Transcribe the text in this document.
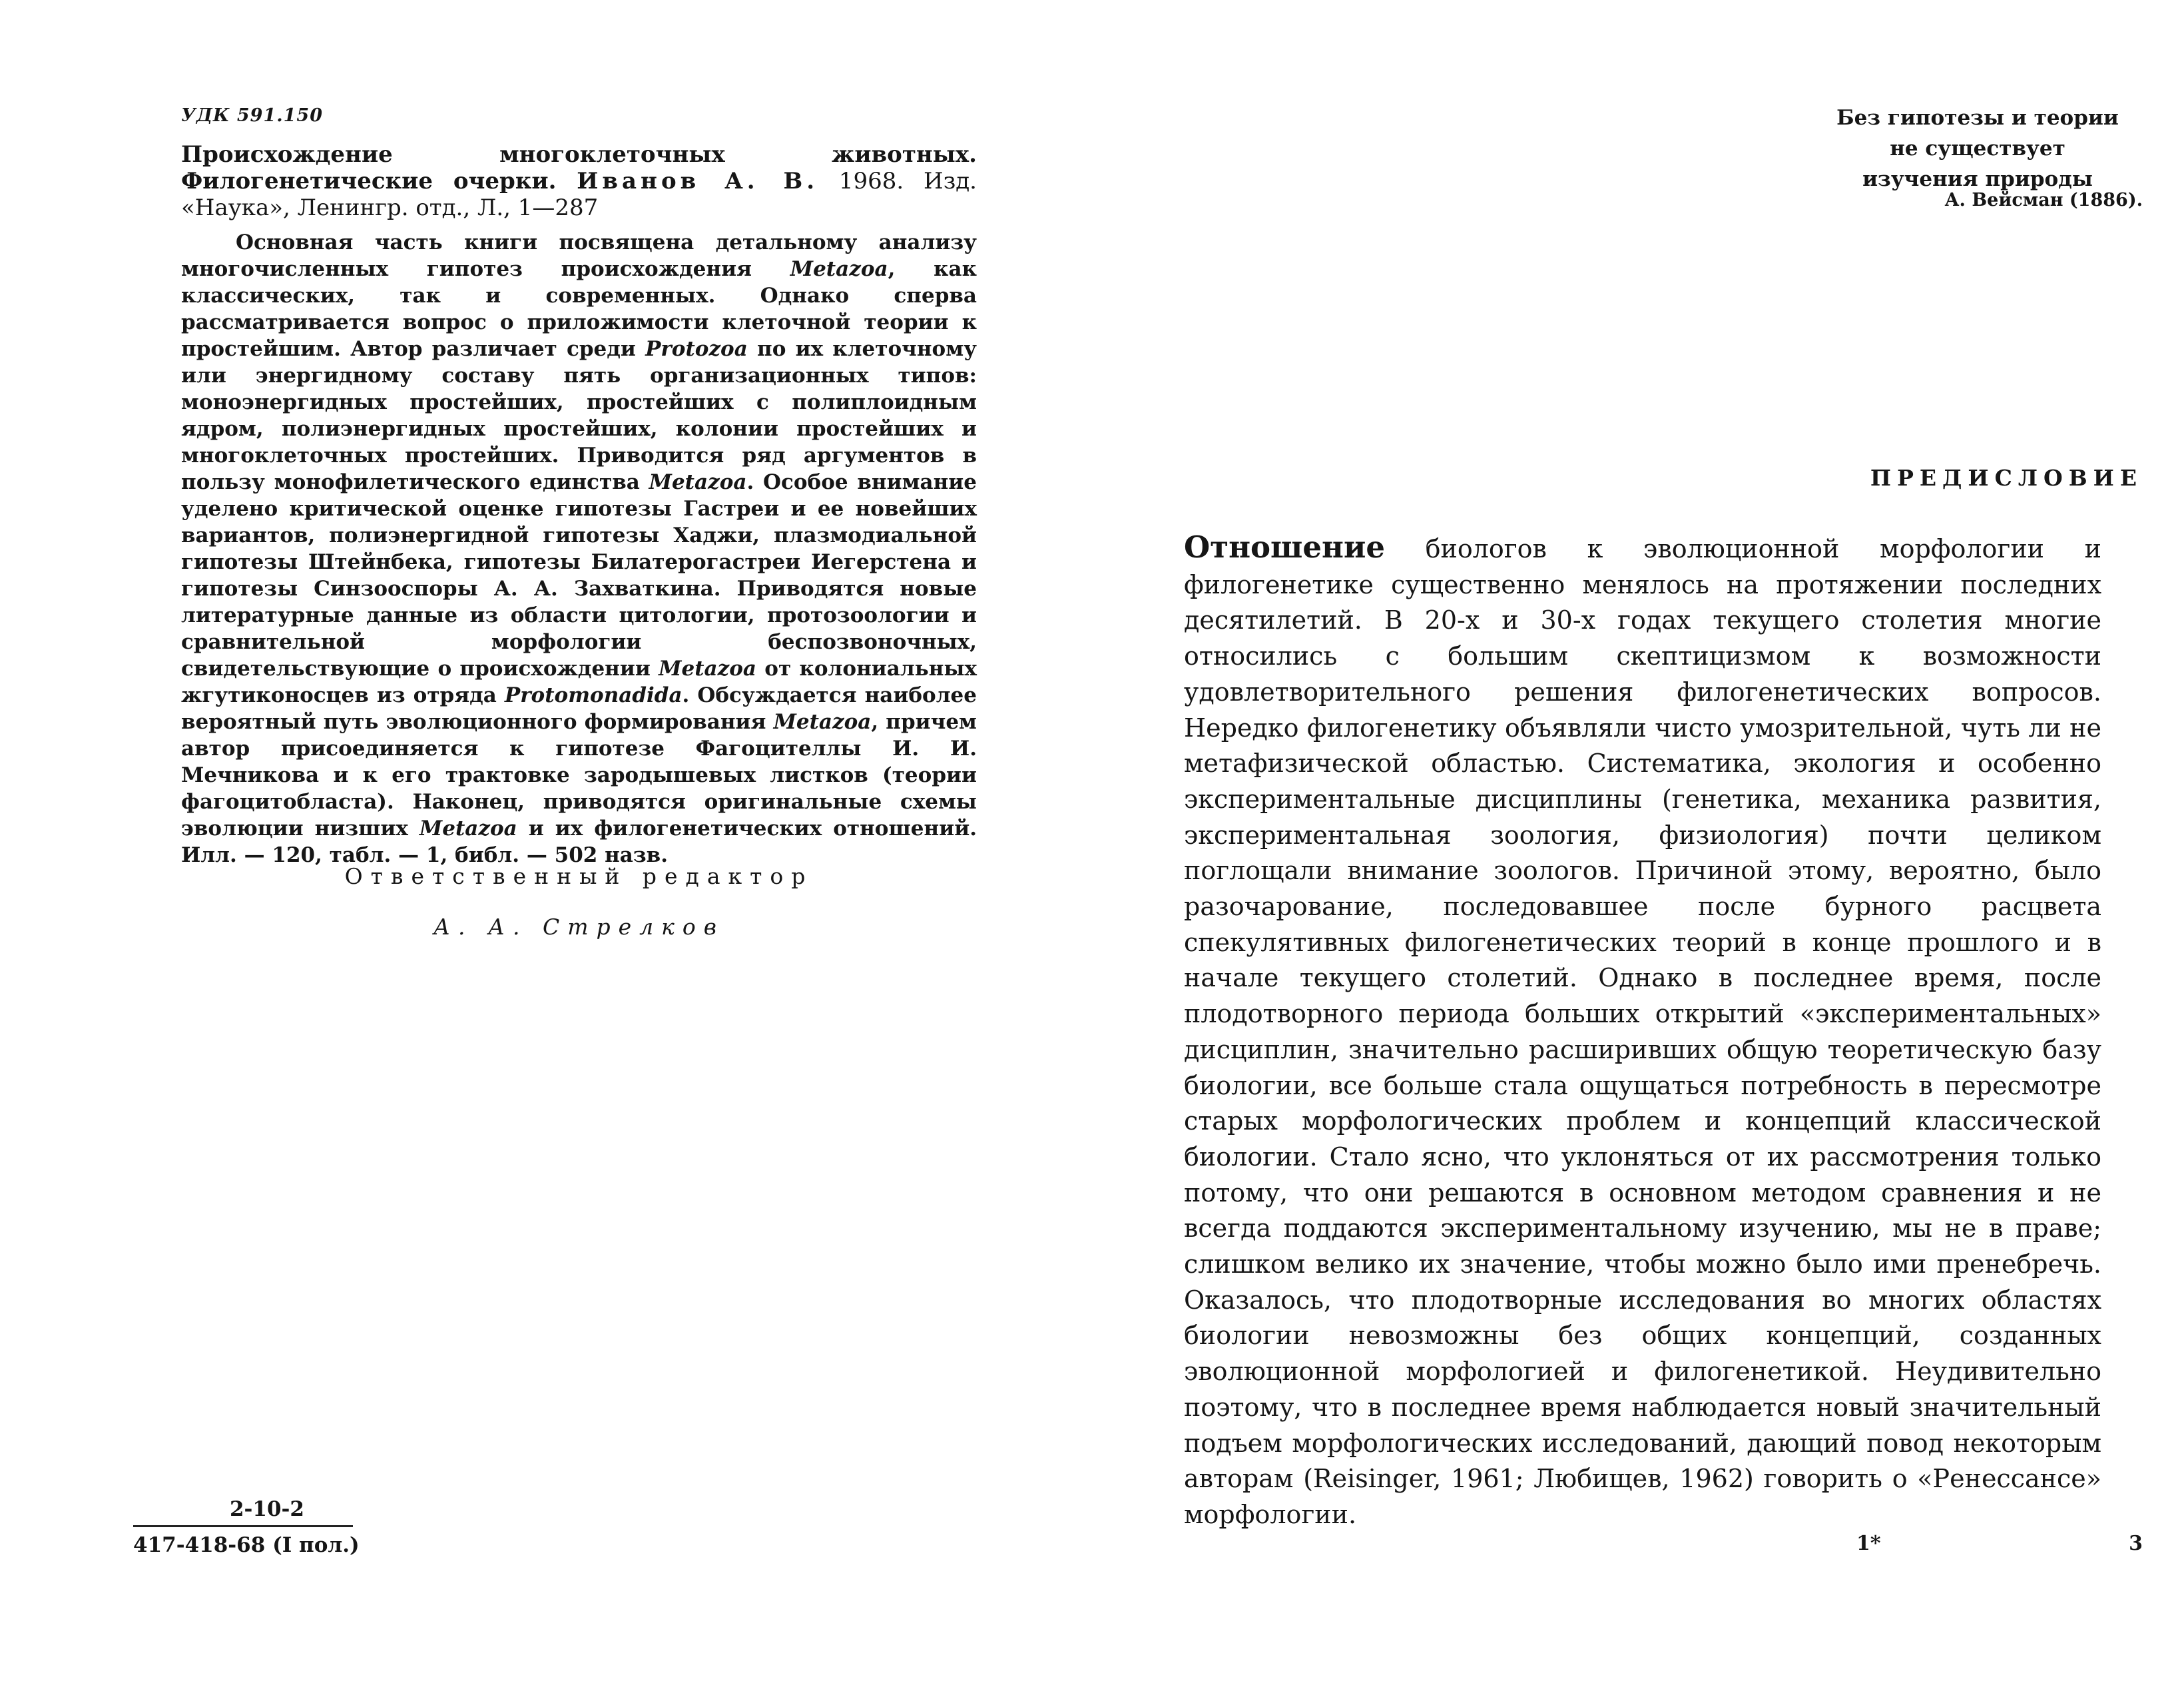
УДК 591.150
Происхождение многоклеточных животных. Филогенетические очерки. Иванов А. В. 1968. Изд. «Наука», Ленингр. отд., Л., 1—287
Основная часть книги посвящена детальному анализу многочисленных гипотез происхождения Metazoa, как классических, так и современных. Однако сперва рассматривается вопрос о приложимости клеточной теории к простейшим. Автор различает среди Protozoa по их клеточному или энергидному составу пять организационных типов: моноэнергидных простейших, простейших с полиплоидным ядром, полиэнергидных простейших, колонии простейших и многоклеточных простейших. Приводится ряд аргументов в пользу монофилетического единства Metazoa. Особое внимание уделено критической оценке гипотезы Гастреи и ее новейших вариантов, полиэнергидной гипотезы Хаджи, плазмодиальной гипотезы Штейнбека, гипотезы Билатерогастреи Иегерстена и гипотезы Синзооспоры А. А. Захваткина. Приводятся новые литературные данные из области цитологии, протозоологии и сравнительной морфологии беспозвоночных, свидетельствующие о происхождении Metazoa от колониальных жгутиконосцев из отряда Protomonadida. Обсуждается наиболее вероятный путь эволюционного формирования Metazoa, причем автор присоединяется к гипотезе Фагоцителлы И. И. Мечникова и к его трактовке зародышевых листков (теории фагоцитобласта). Наконец, приводятся оригинальные схемы эволюции низших Metazoa и их филогенетических отношений. Илл. — 120, табл. — 1, библ. — 502 назв.
Ответственный редактор
А. А. Стрелков
2-10-2
417-418-68 (I пол.)
Без гипотезы и теории
не существует
изучения природы
А. Вейсман (1886).
ПРЕДИСЛОВИЕ
Отношение биологов к эволюционной морфологии и филогенетике существенно менялось на протяжении последних десятилетий. В 20-х и 30-х годах текущего столетия многие относились с большим скептицизмом к возможности удовлетворительного решения филогенетических вопросов. Нередко филогенетику объявляли чисто умозрительной, чуть ли не метафизической областью. Систематика, экология и особенно экспериментальные дисциплины (генетика, механика развития, экспериментальная зоология, физиология) почти целиком поглощали внимание зоологов. Причиной этому, вероятно, было разочарование, последовавшее после бурного расцвета спекулятивных филогенетических теорий в конце прошлого и в начале текущего столетий. Однако в последнее время, после плодотворного периода больших открытий «экспериментальных» дисциплин, значительно расширивших общую теоретическую базу биологии, все больше стала ощущаться потребность в пересмотре старых морфологических проблем и концепций классической биологии. Стало ясно, что уклоняться от их рассмотрения только потому, что они решаются в основном методом сравнения и не всегда поддаются экспериментальному изучению, мы не в праве; слишком велико их значение, чтобы можно было ими пренебречь. Оказалось, что плодотворные исследования во многих областях биологии невозможны без общих концепций, созданных эволюционной морфологией и филогенетикой. Неудивительно поэтому, что в последнее время наблюдается новый значительный подъем морфологических исследований, дающий повод некоторым авторам (Reisinger, 1961; Любищев, 1962) говорить о «Ренессансе» морфологии.
1*	3
